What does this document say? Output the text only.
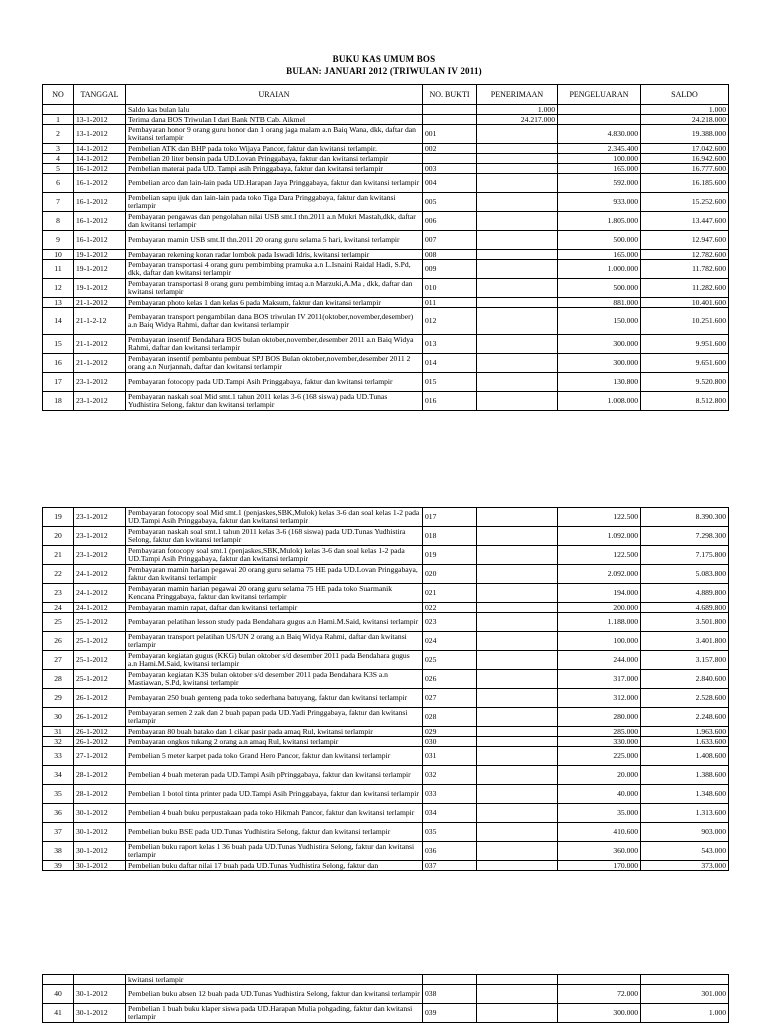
BUKU KAS UMUM BOS
BULAN: JANUARI 2012 (TRIWULAN IV 2011)
NO	TANGGAL	URAIAN	NO. BUKTI	PENERIMAAN	PENGELUARAN	SALDO
		Saldo kas bulan lalu		1.000		1.000
1	13-1-2012	Terima dana BOS Triwulan I dari Bank NTB Cab. Aikmel		24.217.000		24.218.000
2	13-1-2012	Pembayaran honor 9 orang guru honor dan 1 orang jaga malam a.n Baiq Wana, dkk, daftar dan kwitansi terlampir	001		4.830.000	19.388.000
3	14-1-2012	Pembelian ATK dan BHP pada toko Wijaya Pancor, faktur dan kwitansi terlampir.	002		2.345.400	17.042.600
4	14-1-2012	Pembelian 20 liter bensin pada UD.Lovan Pringgabaya, faktur dan kwitansi terlampir			100.000	16.942.600
5	16-1-2012	Pembelian materai pada UD. Tampi asih Pringgabaya, faktur dan kwitansi terlampir	003		165.000	16.777.600
6	16-1-2012	Pembelian arco dan lain-lain pada UD.Harapan Jaya Pringgabaya, faktur dan kwitansi terlampir	004		592.000	16.185.600
7	16-1-2012	Pembelian sapu ijuk dan lain-lain pada toko Tiga Dara Pringgabaya, faktur dan kwitansi terlampir	005		933.000	15.252.600
8	16-1-2012	Pembayaran pengawas dan pengolahan nilai USB smt.I thn.2011 a.n Mukri Mastah,dkk, daftar dan kwitansi terlampir	006		1.805.000	13.447.600
9	16-1-2012	Pembayaran mamin USB smt.II thn.2011 20 orang guru selama 5 hari, kwitansi terlampir	007		500.000	12.947.600
10	19-1-2012	Pembayaran rekening koran radar lombok pada Iswadi Idris, kwitansi terlampir	008		165.000	12.782.600
11	19-1-2012	Pembayaran transportasi 4 orang guru pembimbing pramuka a.n L.Isnaini Raidal Hadi, S.Pd, dkk, daftar dan kwitansi terlampir	009		1.000.000	11.782.600
12	19-1-2012	Pembayaran transportasi 8 orang guru pembimbing imtaq a.n Marzuki,A.Ma , dkk, daftar dan kwitansi terlampir	010		500.000	11.282.600
13	21-1-2012	Pembayaran photo kelas 1 dan kelas 6 pada Maksum, faktur dan kwitansi terlampir	011		881.000	10.401.600
14	21-1-2-12	Pembayaran transport pengambilan dana BOS triwulan IV 2011(oktober,november,desember) a.n Baiq Widya Rahmi, daftar dan kwitansi terlampir	012		150.000	10.251.600
15	21-1-2012	Pembayaran insentif Bendahara BOS bulan oktober,november,desember 2011 a.n Baiq Widya Rahmi, daftar dan kwitansi terlampir	013		300.000	9.951.600
16	21-1-2012	Pembayaran insentif pembantu pembuat SPJ BOS Bulan oktober,november,desember 2011 2 orang a.n Nurjannah, daftar dan kwitansi terlampir	014		300.000	9.651.600
17	23-1-2012	Pembayaran fotocopy pada UD.Tampi Asih Pringgabaya, faktur dan kwitansi terlampir	015		130.800	9.520.800
18	23-1-2012	Pembayaran naskah soal Mid smt.1 tahun 2011 kelas 3-6 (168 siswa) pada UD.Tunas Yudhistira Selong, faktur dan kwitansi terlampir	016		1.008.000	8.512.800
19	23-1-2012	Pembayaran fotocopy soal Mid smt.1 (penjaskes,SBK,Mulok) kelas 3-6 dan soal kelas 1-2 pada UD.Tampi Asih Pringgabaya, faktur dan kwitansi terlampir	017		122.500	8.390.300
20	23-1-2012	Pembayaran naskah soal smt.1 tahun 2011 kelas 3-6 (168 siswa) pada UD.Tunas Yudhistira Selong, faktur dan kwitansi terlampir	018		1.092.000	7.298.300
21	23-1-2012	Pembayaran fotocopy soal smt.1 (penjaskes,SBK,Mulok) kelas 3-6 dan soal kelas 1-2 pada UD.Tampi Asih Pringgabaya, faktur dan kwitansi terlampir	019		122.500	7.175.800
22	24-1-2012	Pembayaran mamin harian pegawai 20 orang guru selama 75 HE pada UD.Lovan Pringgabaya, faktur dan kwitansi terlampir	020		2.092.000	5.083.800
23	24-1-2012	Pembayaran mamin harian pegawai 20 orang guru selama 75 HE pada toko Suarmanik Kencana Pringgabaya, faktur dan kwitansi terlampir	021		194.000	4.889.800
24	24-1-2012	Pembayaran mamin rapat, daftar dan kwitansi terlampir	022		200.000	4.689.800
25	25-1-2012	Pembayaran pelatihan lesson study pada Bendahara gugus a.n Hami.M.Said, kwitansi terlampir	023		1.188.000	3.501.800
26	25-1-2012	Pembayaran transport pelatihan US/UN 2 orang a.n Baiq Widya Rahmi, daftar dan kwitansi terlampir	024		100.000	3.401.800
27	25-1-2012	Pembayaran kegiatan gugus (KKG) bulan oktober s/d desember 2011 pada Bendahara gugus a.n Hami.M.Said, kwitansi terlampir	025		244.000	3.157.800
28	25-1-2012	Pembayaran kegiatan K3S bulan oktober s/d desember 2011 pada Bendahara K3S a.n Mastiawan, S.Pd, kwitansi terlampir	026		317.000	2.840.600
29	26-1-2012	Pembayaran 250 buah genteng pada toko sederhana batuyang, faktur dan kwitansi terlampir	027		312.000	2.528.600
30	26-1-2012	Pembayaran semen 2 zak dan 2 buah papan pada UD.Yadi Pringgabaya, faktur dan kwitansi terlampir	028		280.000	2.248.600
31	26-1-2012	Pembayaran 80 buah batako dan 1 cikar pasir pada amaq Rul, kwitansi terlampir	029		285.000	1.963.600
32	26-1-2012	Pembayaran ongkos tukang 2 orang a.n amaq Rul, kwitansi terlampir	030		330.000	1.633.600
33	27-1-2012	Pembelian 5 meter karpet pada toko Grand Hero Pancor, faktur dan kwitansi terlampir	031		225.000	1.408.600
34	28-1-2012	Pembelian 4 buah meteran pada UD.Tampi Asih pPringgabaya, faktur dan kwitansi terlampir	032		20.000	1.388.600
35	28-1-2012	Pembelian 1 botol tinta printer pada UD.Tampi Asih Pringgabaya, faktur dan kwitansi terlampir	033		40.000	1.348.600
36	30-1-2012	Pembelian 4 buah buku perpustakaan pada toko Hikmah Pancor, faktur dan kwitansi terlampir	034		35.000	1.313.600
37	30-1-2012	Pembelian buku BSE pada UD.Tunas Yudhistira Selong, faktur dan kwitansi terlampir	035		410.600	903.000
38	30-1-2012	Pembelian buku raport kelas 1 36 buah pada UD.Tunas Yudhistira Selong, faktur dan kwitansi terlampir	036		360.000	543.000
39	30-1-2012	Pembelian buku daftar nilai 17 buah pada UD.Tunas Yudhistira Selong, faktur dan	037		170.000	373.000
		kwitansi terlampir				
40	30-1-2012	Pembelian buku absen 12 buah pada UD.Tunas Yudhistira Selong, faktur dan kwitansi terlampir	038		72.000	301.000
41	30-1-2012	Pembelian 1 buah buku klaper siswa pada UD.Harapan Mulia pohgading, faktur dan kwitansi terlampir	039		300.000	1.000
